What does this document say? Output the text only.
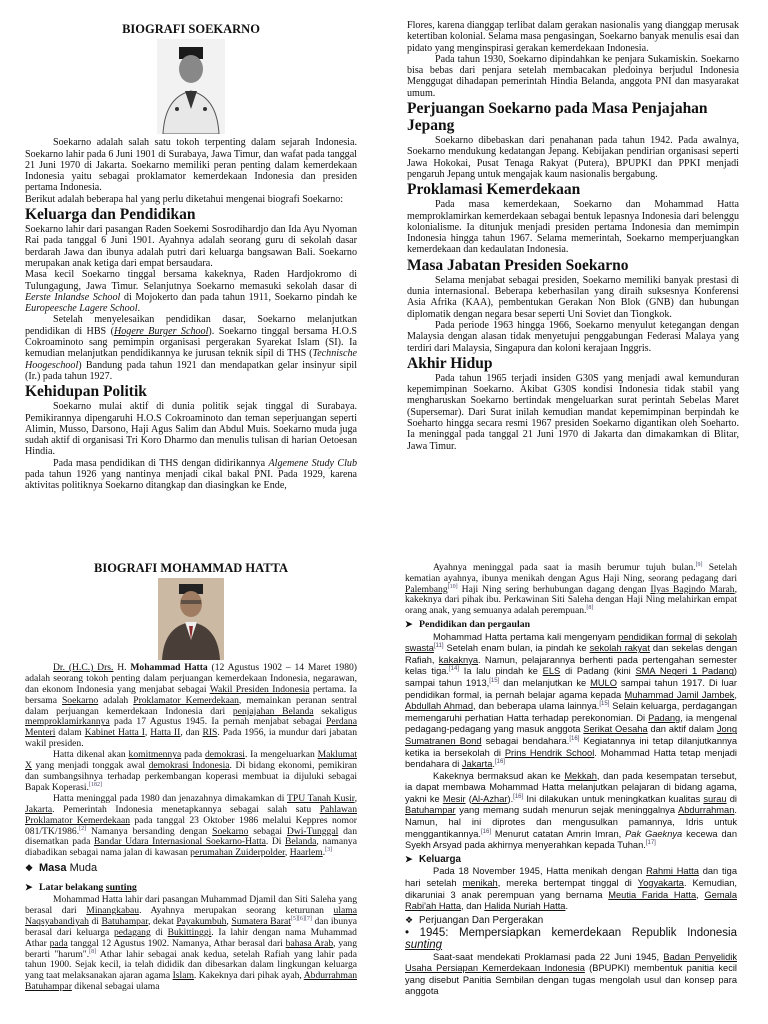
BIOGRAFI SOEKARNO

Soekarno adalah salah satu tokoh terpenting dalam sejarah Indonesia. Soekarno lahir pada 6 Juni 1901 di Surabaya, Jawa Timur, dan wafat pada tanggal 21 Juni 1970 di Jakarta. Soekarno memiliki peran penting dalam kemerdekaan Indonesia yaitu sebagai proklamator kemerdekaan Indonesia dan presiden pertama Indonesia.

Berikut adalah beberapa hal yang perlu diketahui mengenai biografi Soekarno:

Keluarga dan Pendidikan

Soekarno lahir dari pasangan Raden Soekemi Sosrodihardjo dan Ida Ayu Nyoman Rai pada tanggal 6 Juni 1901. Ayahnya adalah seorang guru di sekolah dasar berdarah Jawa dan ibunya adalah putri dari keluarga bangsawan Bali. Soekarno merupakan anak ketiga dari empat bersaudara.

Masa kecil Soekarno tinggal bersama kakeknya, Raden Hardjokromo di Tulungagung, Jawa Timur. Selanjutnya Soekarno memasuki sekolah dasar di Eerste Inlandse School di Mojokerto dan pada tahun 1911, Soekarno pindah ke Europeesche Lagere School.

Setelah menyelesaikan pendidikan dasar, Soekarno melanjutkan pendidikan di HBS (Hogere Burger School). Soekarno tinggal bersama H.O.S Cokroaminoto sang pemimpin organisasi pergerakan Syarekat Islam (SI). Ia kemudian melanjutkan pendidikannya ke jurusan teknik sipil di THS (Technische Hoogeschool) Bandung pada tahun 1921 dan mendapatkan gelar insinyur sipil (Ir.) pada tahun 1927.

Kehidupan Politik

Soekarno mulai aktif di dunia politik sejak tinggal di Surabaya. Pemikirannya dipengaruhi H.O.S Cokroaminoto dan teman seperjuangan seperti Alimin, Musso, Darsono, Haji Agus Salim dan Abdul Muis. Soekarno muda juga sudah aktif di organisasi Tri Koro Dharmo dan menulis tulisan di harian Oetoesan Hindia.

Pada masa pendidikan di THS dengan didirikannya Algemene Study Club pada tahun 1926 yang nantinya menjadi cikal bakal PNI. Pada 1929, karena aktivitas politiknya Soekarno ditangkap dan diasingkan ke Ende,

Flores, karena dianggap terlibat dalam gerakan nasionalis yang dianggap merusak ketertiban kolonial. Selama masa pengasingan, Soekarno banyak menulis esai dan pidato yang menginspirasi gerakan kemerdekaan Indonesia.

Pada tahun 1930, Soekarno dipindahkan ke penjara Sukamiskin. Soekarno bisa bebas dari penjara setelah membacakan pledoinya berjudul Indonesia Menggugat dihadapan pemerintah Hindia Belanda, anggota PNI dan masyarakat umum.

Perjuangan Soekarno pada Masa Penjajahan Jepang

Soekarno dibebaskan dari penahanan pada tahun 1942. Pada awalnya, Soekarno mendukung kedatangan Jepang. Kebijakan pendirian organisasi seperti Jawa Hokokai, Pusat Tenaga Rakyat (Putera), BPUPKI dan PPKI menjadi pengaruh Jepang untuk mengajak kaum nasionalis bergabung.

Proklamasi Kemerdekaan

Pada masa kemerdekaan, Soekarno dan Mohammad Hatta memproklamirkan kemerdekaan sebagai bentuk lepasnya Indonesia dari belenggu kolonialisme. Ia ditunjuk menjadi presiden pertama Indonesia dan memimpin Indonesia hingga tahun 1967. Selama memerintah, Soekarno memperjuangkan kemerdekaan dan kedaulatan Indonesia.

Masa Jabatan Presiden Soekarno

Selama menjabat sebagai presiden, Soekarno memiliki banyak prestasi di dunia internasional. Beberapa keberhasilan yang diraih suksesnya Konferensi Asia Afrika (KAA), pembentukan Gerakan Non Blok (GNB) dan hubungan diplomatik dengan negara besar seperti Uni Soviet dan Tiongkok.

Pada periode 1963 hingga 1966, Soekarno menyulut ketegangan dengan Malaysia dengan alasan tidak menyetujui penggabungan Federasi Malaya yang terdiri dari Malaysia, Singapura dan koloni kerajaan Inggris.

Akhir Hidup

Pada tahun 1965 terjadi insiden G30S yang menjadi awal kemunduran kepemimpinan Soekarno. Akibat G30S kondisi Indonesia tidak stabil yang mengharuskan Soekarno bertindak mengeluarkan surat perintah Sebelas Maret (Supersemar). Dari Surat inilah kemudian mandat kepemimpinan berpindah ke Soeharto hingga secara resmi 1967 presiden Soekarno digantikan oleh Soeharto. Ia meninggal pada tanggal 21 Juni 1970 di Jakarta dan dimakamkan di Blitar, Jawa Timur.

BIOGRAFI MOHAMMAD HATTA

Dr. (H.C.) Drs. H. Mohammad Hatta (12 Agustus 1902 – 14 Maret 1980) adalah seorang tokoh penting dalam perjuangan kemerdekaan Indonesia, negarawan, dan ekonom Indonesia yang menjabat sebagai Wakil Presiden Indonesia pertama. Ia bersama Soekarno adalah Proklamator Kemerdekaan, memainkan peranan sentral dalam perjuangan kemerdekaan Indonesia dari penjajahan Belanda sekaligus memproklamirkannya pada 17 Agustus 1945. Ia pernah menjabat sebagai Perdana Menteri dalam Kabinet Hatta I, Hatta II, dan RIS. Pada 1956, ia mundur dari jabatan wakil presiden.

Hatta dikenal akan komitmennya pada demokrasi. Ia mengeluarkan Maklumat X yang menjadi tonggak awal demokrasi Indonesia. Di bidang ekonomi, pemikiran dan sumbangsihnya terhadap perkembangan koperasi membuat ia dijuluki sebagai Bapak Koperasi.[182]

Hatta meninggal pada 1980 dan jenazahnya dimakamkan di TPU Tanah Kusir, Jakarta. Pemerintah Indonesia menetapkannya sebagai salah satu Pahlawan Proklamator Kemerdekaan pada tanggal 23 Oktober 1986 melalui Keppres nomor 081/TK/1986.[2] Namanya bersanding dengan Soekarno sebagai Dwi-Tunggal dan disematkan pada Bandar Udara Internasional Soekarno-Hatta. Di Belanda, namanya diabadikan sebagai nama jalan di kawasan perumahan Zuiderpolder, Haarlem.[3]

❖ Masa Muda
➤ Latar belakang sunting

Mohammad Hatta lahir dari pasangan Muhammad Djamil dan Siti Saleha yang berasal dari Minangkabau. Ayahnya merupakan seorang keturunan ulama Naqsyabandiyah di Batuhampar, dekat Payakumbuh, Sumatera Barat[5][6][7] dan ibunya berasal dari keluarga pedagang di Bukittinggi. Ia lahir dengan nama Muhammad Athar pada tanggal 12 Agustus 1902. Namanya, Athar berasal dari bahasa Arab, yang berarti "harum".[8] Athar lahir sebagai anak kedua, setelah Rafiah yang lahir pada tahun 1900. Sejak kecil, ia telah dididik dan dibesarkan dalam lingkungan keluarga yang taat melaksanakan ajaran agama Islam. Kakeknya dari pihak ayah, Abdurrahman Batuhampar dikenal sebagai ulama

Ayahnya meninggal pada saat ia masih berumur tujuh bulan.[9] Setelah kematian ayahnya, ibunya menikah dengan Agus Haji Ning, seorang pedagang dari Palembang[10] Haji Ning sering berhubungan dagang dengan Ilyas Bagindo Marah, kakeknya dari pihak ibu. Perkawinan Siti Saleha dengan Haji Ning melahirkan empat orang anak, yang semuanya adalah perempuan.[8]

➤ Pendidikan dan pergaulan

Mohammad Hatta pertama kali mengenyam pendidikan formal di sekolah swasta[11] Setelah enam bulan, ia pindah ke sekolah rakyat dan sekelas dengan Rafiah, kakaknya. Namun, pelajarannya berhenti pada pertengahan semester kelas tiga.[14] Ia lalu pindah ke ELS di Padang (kini SMA Negeri 1 Padang) sampai tahun 1913,[15] dan melanjutkan ke MULO sampai tahun 1917. Di luar pendidikan formal, ia pernah belajar agama kepada Muhammad Jamil Jambek, Abdullah Ahmad, dan beberapa ulama lainnya.[15] Selain keluarga, perdagangan memengaruhi perhatian Hatta terhadap perekonomian. Di Padang, ia mengenal pedagang-pedagang yang masuk anggota Serikat Oesaha dan aktif dalam Jong Sumatranen Bond sebagai bendahara.[16] Kegiatannya ini tetap dilanjutkannya ketika ia bersekolah di Prins Hendrik School. Mohammad Hatta tetap menjadi bendahara di Jakarta.[16]

Kakeknya bermaksud akan ke Mekkah, dan pada kesempatan tersebut, ia dapat membawa Mohammad Hatta melanjutkan pelajaran di bidang agama, yakni ke Mesir (Al-Azhar).[16] Ini dilakukan untuk meningkatkan kualitas surau di Batuhampar yang memang sudah menurun sejak meninggalnya Abdurrahman. Namun, hal ini diprotes dan mengusulkan pamannya, Idris untuk menggantikannya.[16] Menurut catatan Amrin Imran, Pak Gaeknya kecewa dan Syekh Arsyad pada akhirnya menyerahkan kepada Tuhan.[17]

➤ Keluarga

Pada 18 November 1945, Hatta menikah dengan Rahmi Hatta dan tiga hari setelah menikah, mereka bertempat tinggal di Yogyakarta. Kemudian, dikaruniai 3 anak perempuan yang bernama Meutia Farida Hatta, Gemala Rabi'ah Hatta, dan Halida Nuriah Hatta.

❖ Perjuangan Dan Pergerakan
• 1945: Mempersiapkan kemerdekaan Republik Indonesia sunting

Saat-saat mendekati Proklamasi pada 22 Juni 1945, Badan Penyelidik Usaha Persiapan Kemerdekaan Indonesia (BPUPKI) membentuk panitia kecil yang disebut Panitia Sembilan dengan tugas mengolah usul dan konsep para anggota
